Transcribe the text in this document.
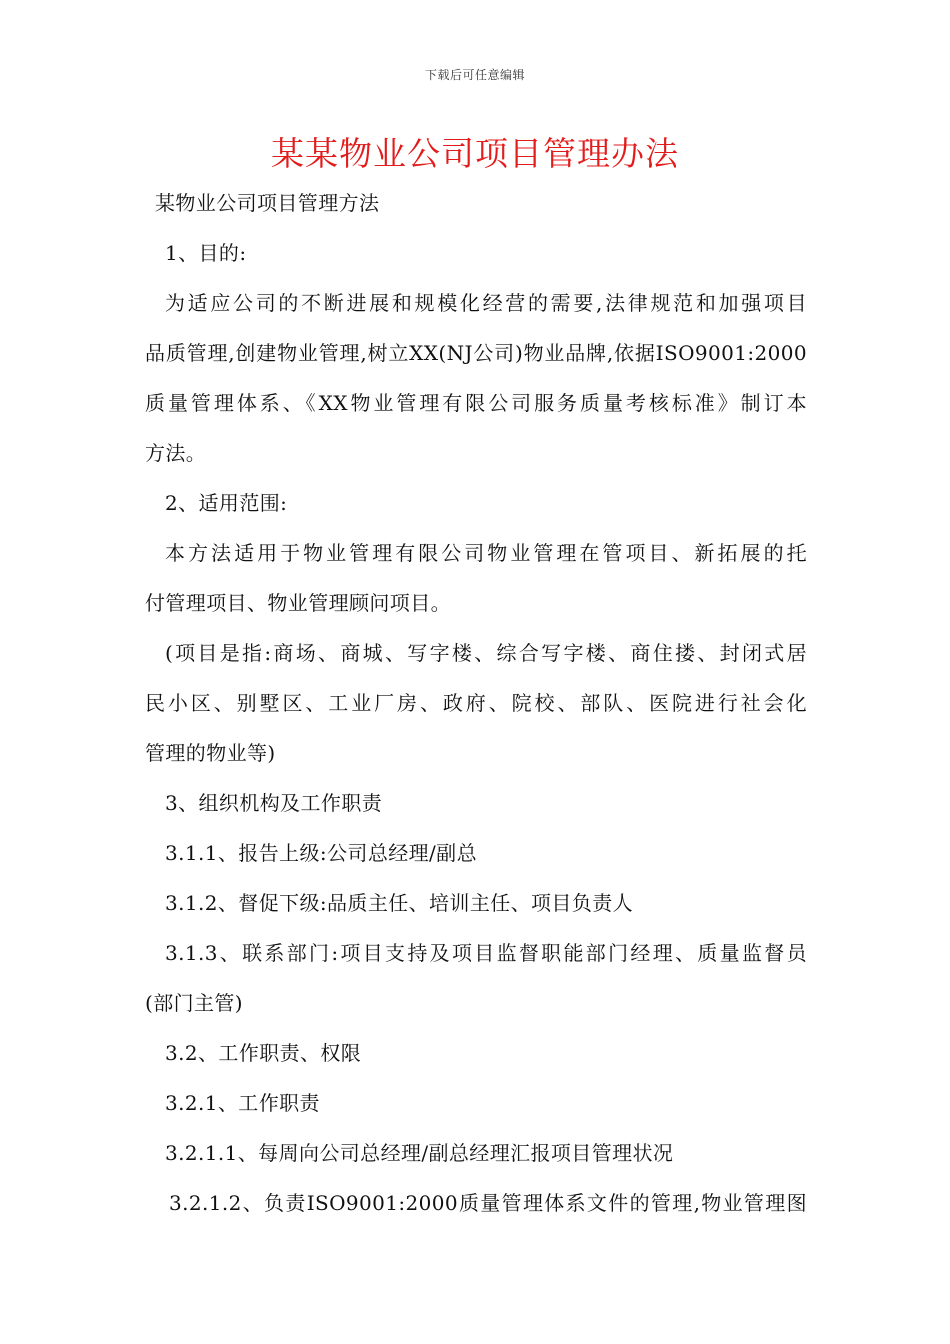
下载后可任意编辑
某某物业公司项目管理办法
某物业公司项目管理方法
1、目的:
为适应公司的不断进展和规模化经营的需要,法律规范和加强项目
品质管理,创建物业管理,树立XX(NJ公司)物业品牌,依据ISO9001:2000
质量管理体系、《XX物业管理有限公司服务质量考核标准》制订本
方法。
2、适用范围:
本方法适用于物业管理有限公司物业管理在管项目、新拓展的托
付管理项目、物业管理顾问项目。
(项目是指:商场、商城、写字楼、综合写字楼、商住搂、封闭式居
民小区、别墅区、工业厂房、政府、院校、部队、医院进行社会化
管理的物业等)
3、组织机构及工作职责
3.1.1、报告上级:公司总经理/副总
3.1.2、督促下级:品质主任、培训主任、项目负责人
3.1.3、联系部门:项目支持及项目监督职能部门经理、质量监督员
(部门主管)
3.2、工作职责、权限
3.2.1、工作职责
3.2.1.1、每周向公司总经理/副总经理汇报项目管理状况
3.2.1.2、负责ISO9001:2000质量管理体系文件的管理,物业管理图
